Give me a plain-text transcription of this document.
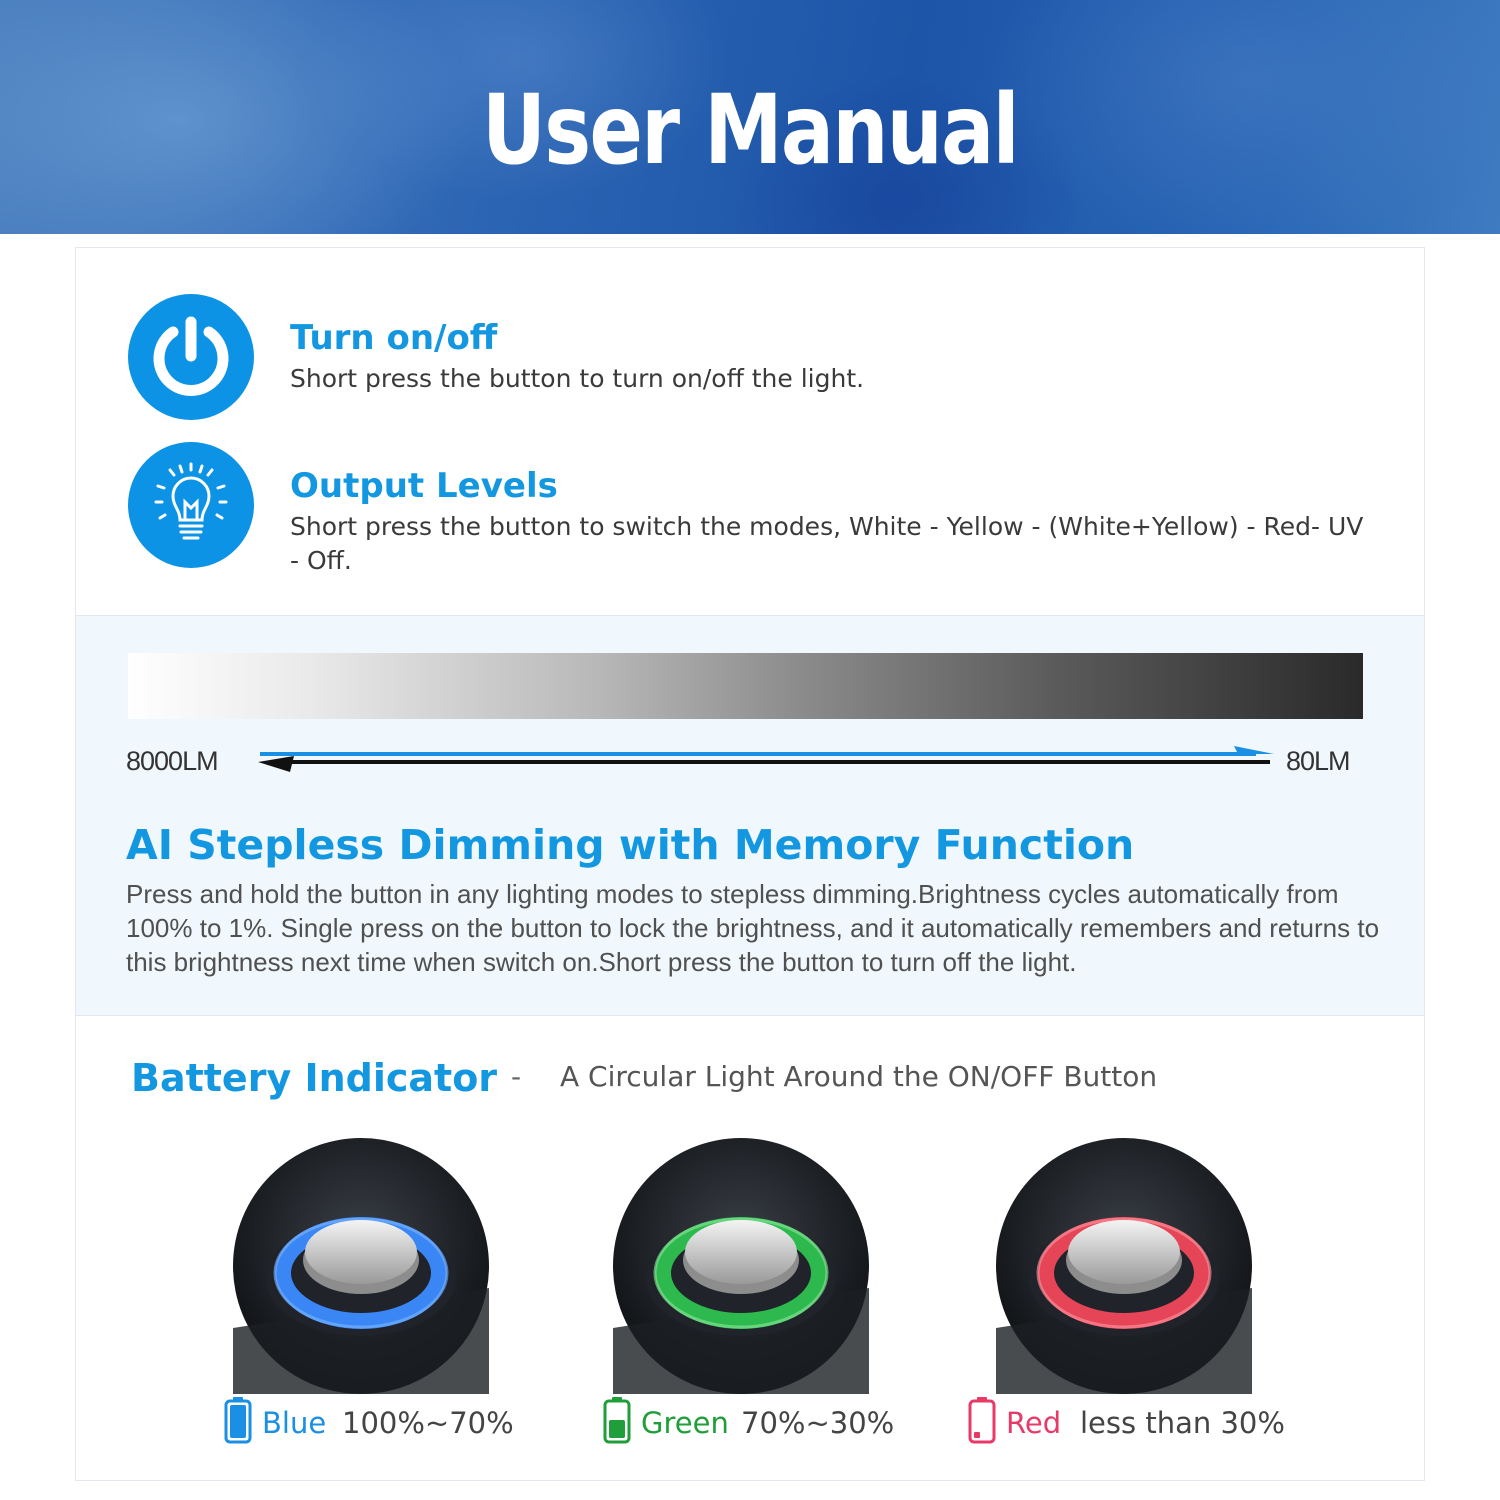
User Manual
Turn on/off
Short press the button to turn on/off the light.
Output Levels
Short press the button to switch the modes, White - Yellow - (White+Yellow) - Red- UV - Off.
8000LM	80LM
AI Stepless Dimming with Memory Function
Press and hold the button in any lighting modes to stepless dimming.Brightness cycles automatically from 100% to 1%. Single press on the button to lock the brightness, and it automatically remembers and returns to this brightness next time when switch on.Short press the button to turn off the light.
Battery Indicator - A Circular Light Around the ON/OFF Button
Blue 100%~70%	Green 70%~30%	Red less than 30%
